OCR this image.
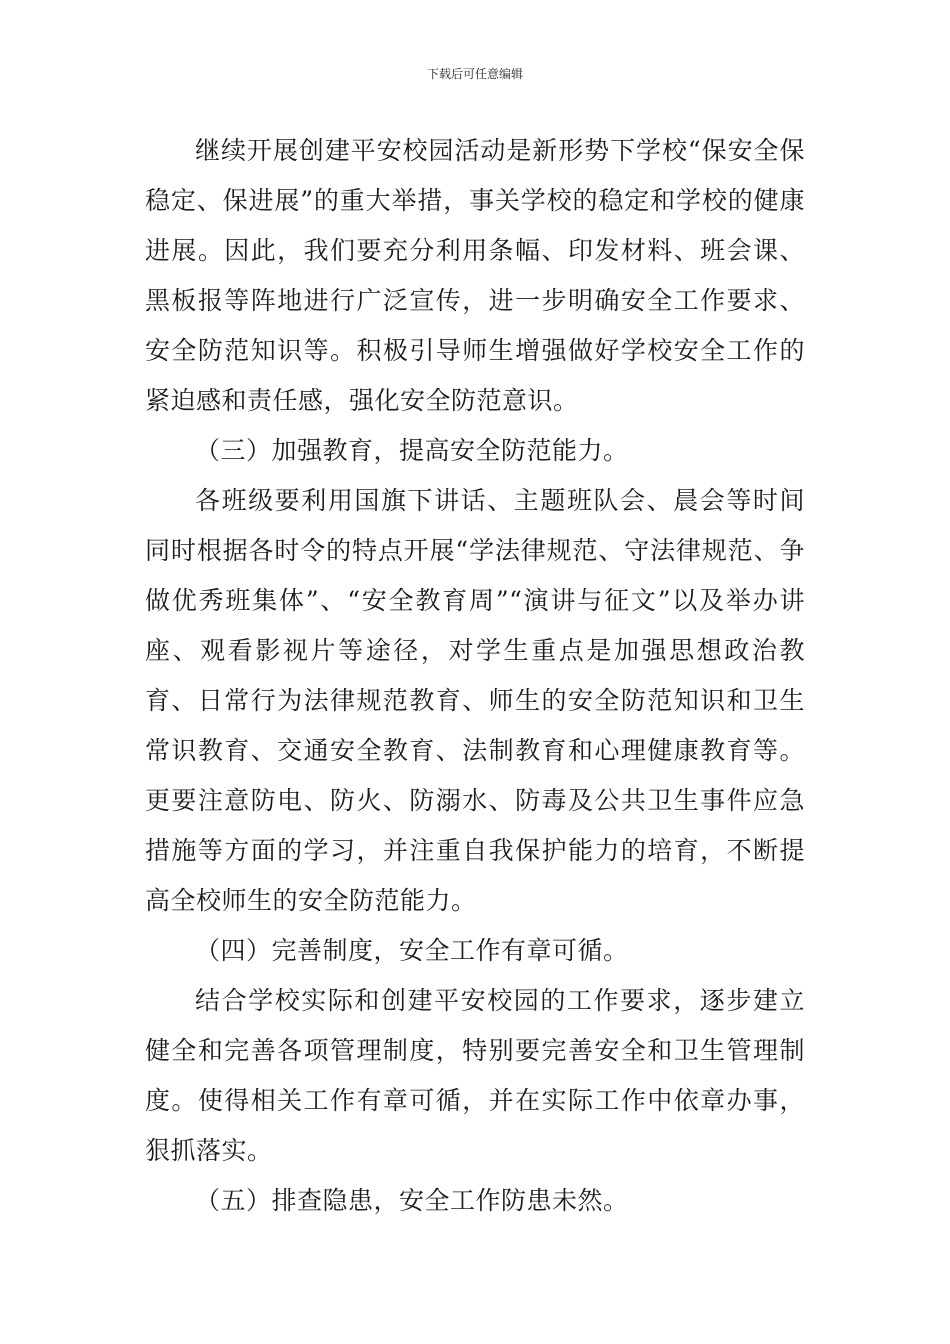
下载后可任意编辑

继续开展创建平安校园活动是新形势下学校“保安全保稳定、保进展”的重大举措，事关学校的稳定和学校的健康进展。因此，我们要充分利用条幅、印发材料、班会课、黑板报等阵地进行广泛宣传，进一步明确安全工作要求、安全防范知识等。积极引导师生增强做好学校安全工作的紧迫感和责任感，强化安全防范意识。

（三）加强教育，提高安全防范能力。

各班级要利用国旗下讲话、主题班队会、晨会等时间同时根据各时令的特点开展“学法律规范、守法律规范、争做优秀班集体”、“安全教育周”“演讲与征文”以及举办讲座、观看影视片等途径，对学生重点是加强思想政治教育、日常行为法律规范教育、师生的安全防范知识和卫生常识教育、交通安全教育、法制教育和心理健康教育等。更要注意防电、防火、防溺水、防毒及公共卫生事件应急措施等方面的学习，并注重自我保护能力的培育，不断提高全校师生的安全防范能力。

（四）完善制度，安全工作有章可循。

结合学校实际和创建平安校园的工作要求，逐步建立健全和完善各项管理制度，特别要完善安全和卫生管理制度。使得相关工作有章可循，并在实际工作中依章办事，狠抓落实。

（五）排查隐患，安全工作防患未然。
